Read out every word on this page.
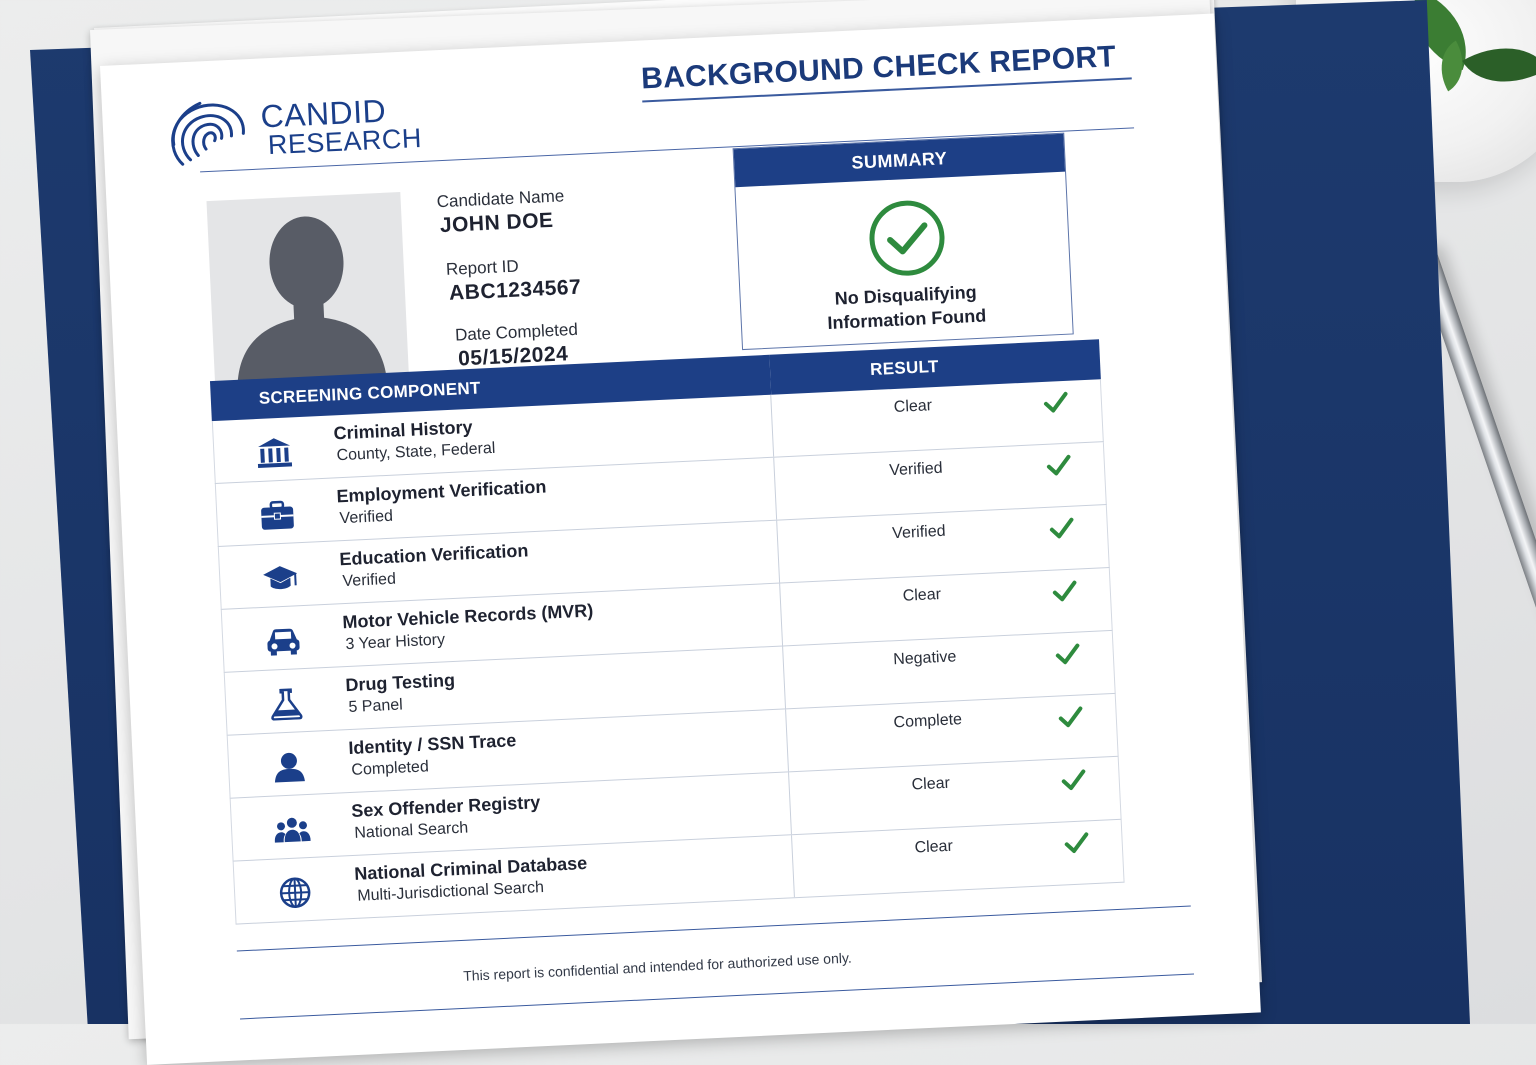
CANDID
RESEARCH
BACKGROUND CHECK REPORT
Candidate Name
JOHN DOE
Report ID
ABC1234567
Date Completed
05/15/2024
SUMMARY
No Disqualifying
Information Found
SCREENING COMPONENT
RESULT
Criminal History
County, State, Federal
Clear
Employment Verification
Verified
Verified
Education Verification
Verified
Verified
Motor Vehicle Records (MVR)
3 Year History
Clear
Drug Testing
5 Panel
Negative
Identity / SSN Trace
Completed
Complete
Sex Offender Registry
National Search
Clear
National Criminal Database
Multi-Jurisdictional Search
Clear
This report is confidential and intended for authorized use only.
